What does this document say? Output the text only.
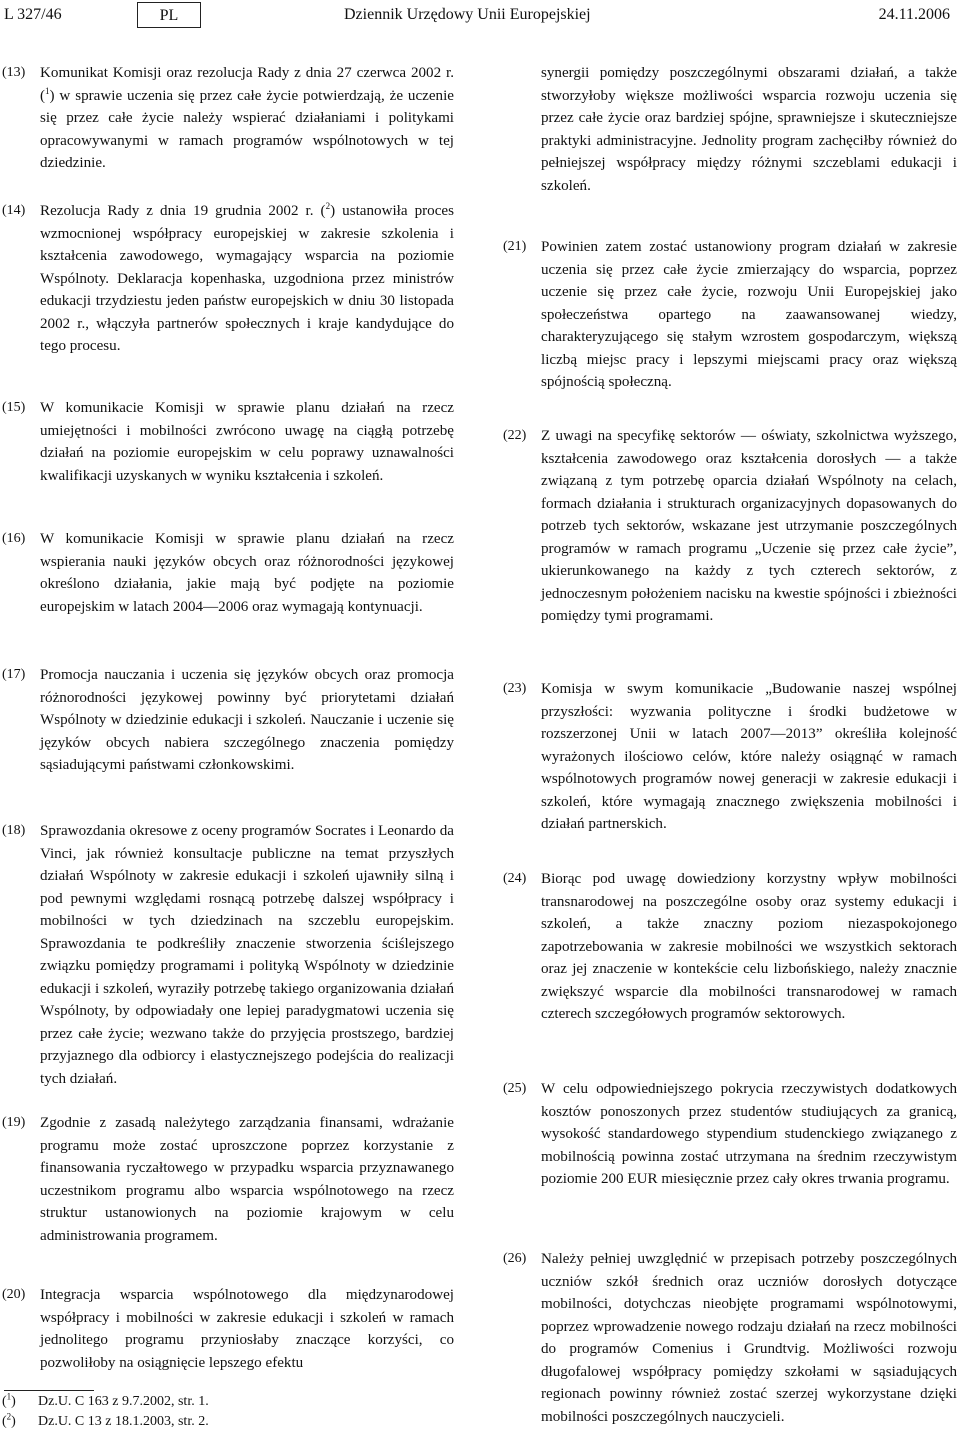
L 327/46	PL	Dziennik Urzędowy Unii Europejskiej	24.11.2006
(13) Komunikat Komisji oraz rezolucja Rady z dnia 27 czerwca 2002 r. ($^1$) w sprawie uczenia się przez całe życie potwierdzają, że uczenie się przez całe życie należy wspierać działaniami i politykami opracowywanymi w ramach programów wspólnotowych w tej dziedzinie.
(14) Rezolucja Rady z dnia 19 grudnia 2002 r. ($^2$) ustanowiła proces wzmocnionej współpracy europejskiej w zakresie szkolenia i kształcenia zawodowego, wymagający wsparcia na poziomie Wspólnoty. Deklaracja kopenhaska, uzgodniona przez ministrów edukacji trzydziestu jeden państw europejskich w dniu 30 listopada 2002 r., włączyła partnerów społecznych i kraje kandydujące do tego procesu.
(15) W komunikacie Komisji w sprawie planu działań na rzecz umiejętności i mobilności zwrócono uwagę na ciągłą potrzebę działań na poziomie europejskim w celu poprawy uznawalności kwalifikacji uzyskanych w wyniku kształcenia i szkoleń.
(16) W komunikacie Komisji w sprawie planu działań na rzecz wspierania nauki języków obcych oraz różnorodności językowej określono działania, jakie mają być podjęte na poziomie europejskim w latach 2004—2006 oraz wymagają kontynuacji.
(17) Promocja nauczania i uczenia się języków obcych oraz promocja różnorodności językowej powinny być priorytetami działań Wspólnoty w dziedzinie edukacji i szkoleń. Nauczanie i uczenie się języków obcych nabiera szczególnego znaczenia pomiędzy sąsiadującymi państwami członkowskimi.
(18) Sprawozdania okresowe z oceny programów Socrates i Leonardo da Vinci, jak również konsultacje publiczne na temat przyszłych działań Wspólnoty w zakresie edukacji i szkoleń ujawniły silną i pod pewnymi względami rosnącą potrzebę dalszej współpracy i mobilności w tych dziedzinach na szczeblu europejskim. Sprawozdania te podkreśliły znaczenie stworzenia ściślejszego związku pomiędzy programami i polityką Wspólnoty w dziedzinie edukacji i szkoleń, wyraziły potrzebę takiego organizowania działań Wspólnoty, by odpowiadały one lepiej paradygmatowi uczenia się przez całe życie; wezwano także do przyjęcia prostszego, bardziej przyjaznego dla odbiorcy i elastycznejszego podejścia do realizacji tych działań.
(19) Zgodnie z zasadą należytego zarządzania finansami, wdrażanie programu może zostać uproszczone poprzez korzystanie z finansowania ryczałtowego w przypadku wsparcia przyznawanego uczestnikom programu albo wsparcia wspólnotowego na rzecz struktur ustanowionych na poziomie krajowym w celu administrowania programem.
(20) Integracja wsparcia wspólnotowego dla międzynarodowej współpracy i mobilności w zakresie edukacji i szkoleń w ramach jednolitego programu przyniosłaby znaczące korzyści, co pozwoliłoby na osiągnięcie lepszego efektu
synergii pomiędzy poszczególnymi obszarami działań, a także stworzyłoby większe możliwości wsparcia rozwoju uczenia się przez całe życie oraz bardziej spójne, sprawniejsze i skuteczniejsze praktyki administracyjne. Jednolity program zachęciłby również do pełniejszej współpracy między różnymi szczeblami edukacji i szkoleń.
(21) Powinien zatem zostać ustanowiony program działań w zakresie uczenia się przez całe życie zmierzający do wsparcia, poprzez uczenie się przez całe życie, rozwoju Unii Europejskiej jako społeczeństwa opartego na zaawansowanej wiedzy, charakteryzującego się stałym wzrostem gospodarczym, większą liczbą miejsc pracy i lepszymi miejscami pracy oraz większą spójnością społeczną.
(22) Z uwagi na specyfikę sektorów — oświaty, szkolnictwa wyższego, kształcenia zawodowego oraz kształcenia dorosłych — a także związaną z tym potrzebę oparcia działań Wspólnoty na celach, formach działania i strukturach organizacyjnych dopasowanych do potrzeb tych sektorów, wskazane jest utrzymanie poszczególnych programów w ramach programu „Uczenie się przez całe życie”, ukierunkowanego na każdy z tych czterech sektorów, z jednoczesnym położeniem nacisku na kwestie spójności i zbieżności pomiędzy tymi programami.
(23) Komisja w swym komunikacie „Budowanie naszej wspólnej przyszłości: wyzwania polityczne i środki budżetowe w rozszerzonej Unii w latach 2007—2013” określiła kolejność wyrażonych ilościowo celów, które należy osiągnąć w ramach wspólnotowych programów nowej generacji w zakresie edukacji i szkoleń, które wymagają znacznego zwiększenia mobilności i działań partnerskich.
(24) Biorąc pod uwagę dowiedziony korzystny wpływ mobilności transnarodowej na poszczególne osoby oraz systemy edukacji i szkoleń, a także znaczny poziom niezaspokojonego zapotrzebowania w zakresie mobilności we wszystkich sektorach oraz jej znaczenie w kontekście celu lizbońskiego, należy znacznie zwiększyć wsparcie dla mobilności transnarodowej w ramach czterech szczegółowych programów sektorowych.
(25) W celu odpowiedniejszego pokrycia rzeczywistych dodatkowych kosztów ponoszonych przez studentów studiujących za granicą, wysokość standardowego stypendium studenckiego związanego z mobilnością powinna zostać utrzymana na średnim rzeczywistym poziomie 200 EUR miesięcznie przez cały okres trwania programu.
(26) Należy pełniej uwzględnić w przepisach potrzeby poszczególnych uczniów szkół średnich oraz uczniów dorosłych dotyczące mobilności, dotychczas nieobjęte programami wspólnotowymi, poprzez wprowadzenie nowego rodzaju działań na rzecz mobilności do programów Comenius i Grundtvig. Możliwości rozwoju długofalowej współpracy pomiędzy szkołami w sąsiadujących regionach powinny również zostać szerzej wykorzystane dzięki mobilności poszczególnych nauczycieli.
($^1$) Dz.U. C 163 z 9.7.2002, str. 1.
($^2$) Dz.U. C 13 z 18.1.2003, str. 2.
